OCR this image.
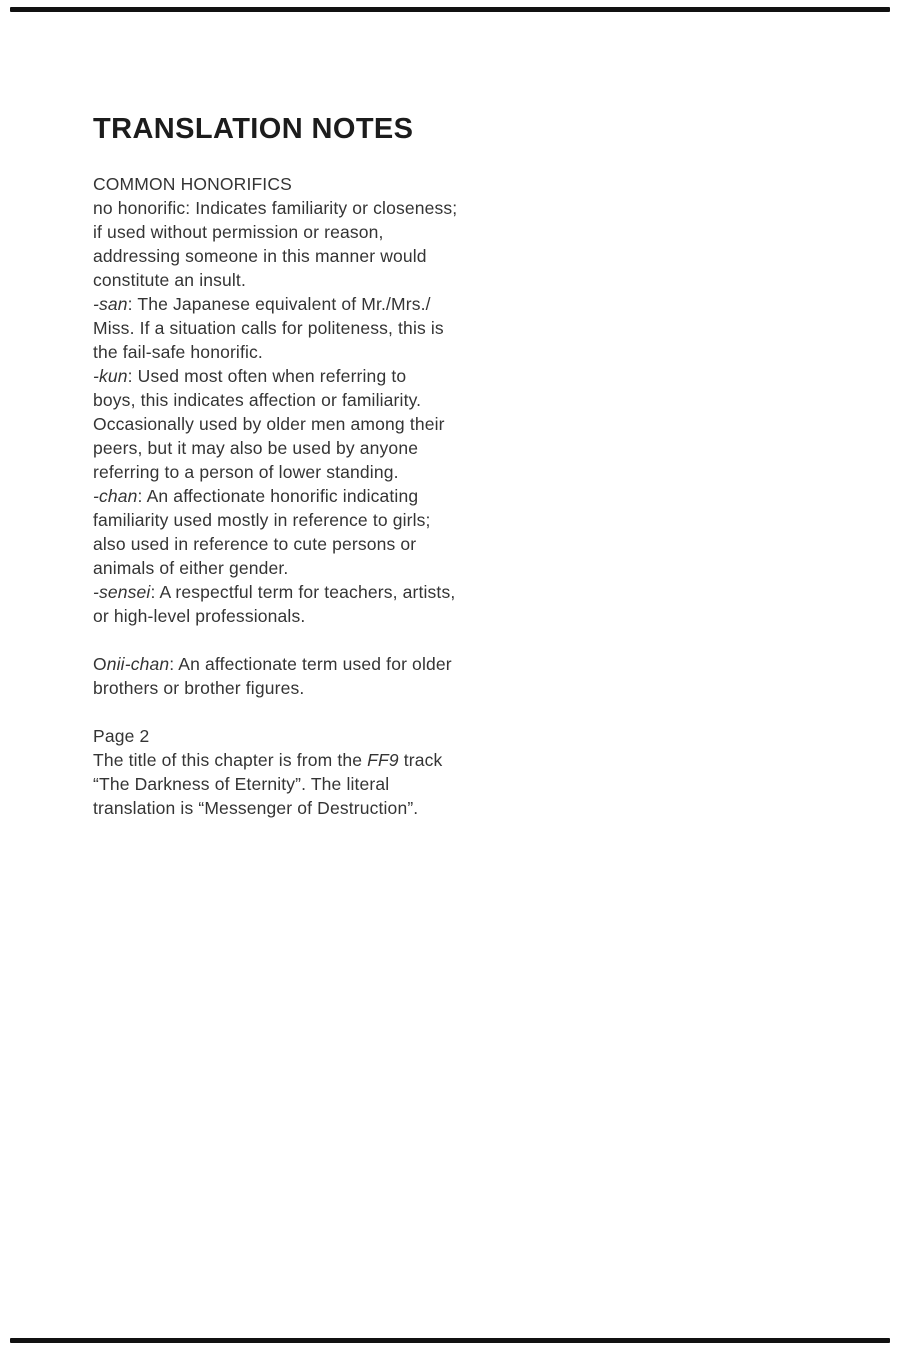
TRANSLATION NOTES
COMMON HONORIFICS
no honorific: Indicates familiarity or closeness;
if used without permission or reason,
addressing someone in this manner would
constitute an insult.
-san: The Japanese equivalent of Mr./Mrs./
Miss. If a situation calls for politeness, this is
the fail-safe honorific.
-kun: Used most often when referring to
boys, this indicates affection or familiarity.
Occasionally used by older men among their
peers, but it may also be used by anyone
referring to a person of lower standing.
-chan: An affectionate honorific indicating
familiarity used mostly in reference to girls;
also used in reference to cute persons or
animals of either gender.
-sensei: A respectful term for teachers, artists,
or high-level professionals.
Onii-chan: An affectionate term used for older
brothers or brother figures.
Page 2
The title of this chapter is from the FF9 track
“The Darkness of Eternity”. The literal
translation is “Messenger of Destruction”.
